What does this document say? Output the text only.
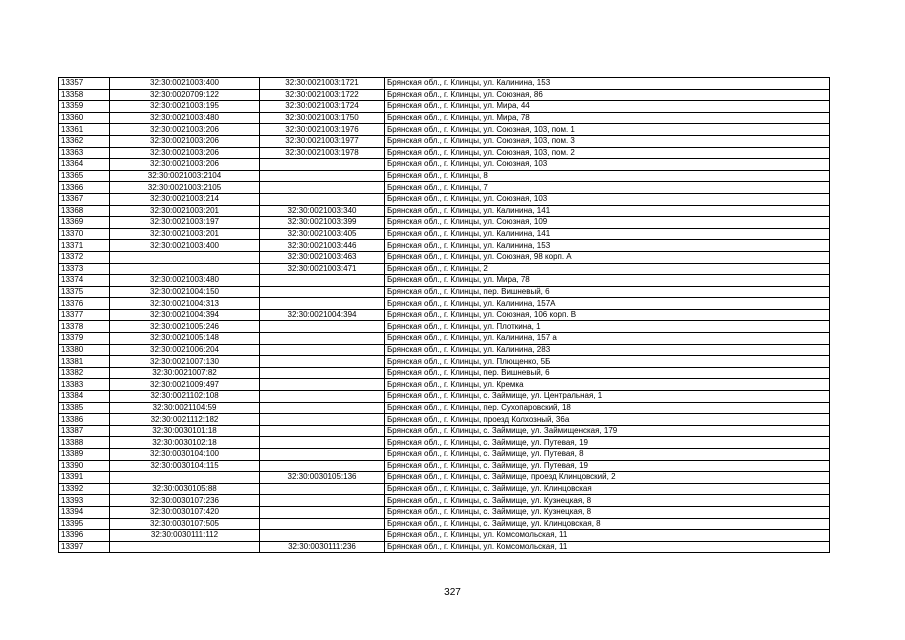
13357	32:30:0021003:400	32:30:0021003:1721	Брянская обл., г. Клинцы, ул. Калинина, 153
13358	32:30:0020709:122	32:30:0021003:1722	Брянская обл., г. Клинцы, ул. Союзная, 86
13359	32:30:0021003:195	32:30:0021003:1724	Брянская обл., г. Клинцы, ул. Мира, 44
13360	32:30:0021003:480	32:30:0021003:1750	Брянская обл., г. Клинцы, ул. Мира, 78
13361	32:30:0021003:206	32:30:0021003:1976	Брянская обл., г. Клинцы, ул. Союзная, 103, пом. 1
13362	32:30:0021003:206	32:30:0021003:1977	Брянская обл., г. Клинцы, ул. Союзная, 103, пом. 3
13363	32:30:0021003:206	32:30:0021003:1978	Брянская обл., г. Клинцы, ул. Союзная, 103, пом. 2
13364	32:30:0021003:206		Брянская обл., г. Клинцы, ул. Союзная, 103
13365	32:30:0021003:2104		Брянская обл., г. Клинцы, 8
13366	32:30:0021003:2105		Брянская обл., г. Клинцы, 7
13367	32:30:0021003:214		Брянская обл., г. Клинцы, ул. Союзная, 103
13368	32:30:0021003:201	32:30:0021003:340	Брянская обл., г. Клинцы, ул. Калинина, 141
13369	32:30:0021003:197	32:30:0021003:399	Брянская обл., г. Клинцы, ул. Союзная, 109
13370	32:30:0021003:201	32:30:0021003:405	Брянская обл., г. Клинцы, ул. Калинина, 141
13371	32:30:0021003:400	32:30:0021003:446	Брянская обл., г. Клинцы, ул. Калинина, 153
13372		32:30:0021003:463	Брянская обл., г. Клинцы, ул. Союзная, 98 корп. А
13373		32:30:0021003:471	Брянская обл., г. Клинцы, 2
13374	32:30:0021003:480		Брянская обл., г. Клинцы, ул. Мира, 78
13375	32:30:0021004:150		Брянская обл., г. Клинцы, пер. Вишневый, 6
13376	32:30:0021004:313		Брянская обл., г. Клинцы, ул. Калинина, 157А
13377	32:30:0021004:394	32:30:0021004:394	Брянская обл., г. Клинцы, ул. Союзная, 106 корп. В
13378	32:30:0021005:246		Брянская обл., г. Клинцы, ул. Плоткина, 1
13379	32:30:0021005:148		Брянская обл., г. Клинцы, ул. Калинина, 157 а
13380	32:30:0021006:204		Брянская обл., г. Клинцы, ул. Калинина, 283
13381	32:30:0021007:130		Брянская обл., г. Клинцы, ул. Плющенко, 5Б
13382	32:30:0021007:82		Брянская обл., г. Клинцы, пер. Вишневый, 6
13383	32:30:0021009:497		Брянская обл., г. Клинцы, ул. Кремка
13384	32:30:0021102:108		Брянская обл., г. Клинцы, с. Займище, ул. Центральная, 1
13385	32:30:0021104:59		Брянская обл., г. Клинцы, пер. Сухопаровский, 18
13386	32:30:0021112:182		Брянская обл., г. Клинцы, проезд Колхозный, 36а
13387	32:30:0030101:18		Брянская обл., г. Клинцы, с. Займище, ул. Займищенская, 179
13388	32:30:0030102:18		Брянская обл., г. Клинцы, с. Займище, ул. Путевая, 19
13389	32:30:0030104:100		Брянская обл., г. Клинцы, с. Займище, ул. Путевая, 8
13390	32:30:0030104:115		Брянская обл., г. Клинцы, с. Займище, ул. Путевая, 19
13391		32:30:0030105:136	Брянская обл., г. Клинцы, с. Займище, проезд Клинцовский, 2
13392	32:30:0030105:88		Брянская обл., г. Клинцы, с. Займище, ул. Клинцовская
13393	32:30:0030107:236		Брянская обл., г. Клинцы, с. Займище, ул. Кузнецкая, 8
13394	32:30:0030107:420		Брянская обл., г. Клинцы, с. Займище, ул. Кузнецкая, 8
13395	32:30:0030107:505		Брянская обл., г. Клинцы, с. Займище, ул. Клинцовская, 8
13396	32:30:0030111:112		Брянская обл., г. Клинцы, ул. Комсомольская, 11
13397		32:30:0030111:236	Брянская обл., г. Клинцы, ул. Комсомольская, 11
327
